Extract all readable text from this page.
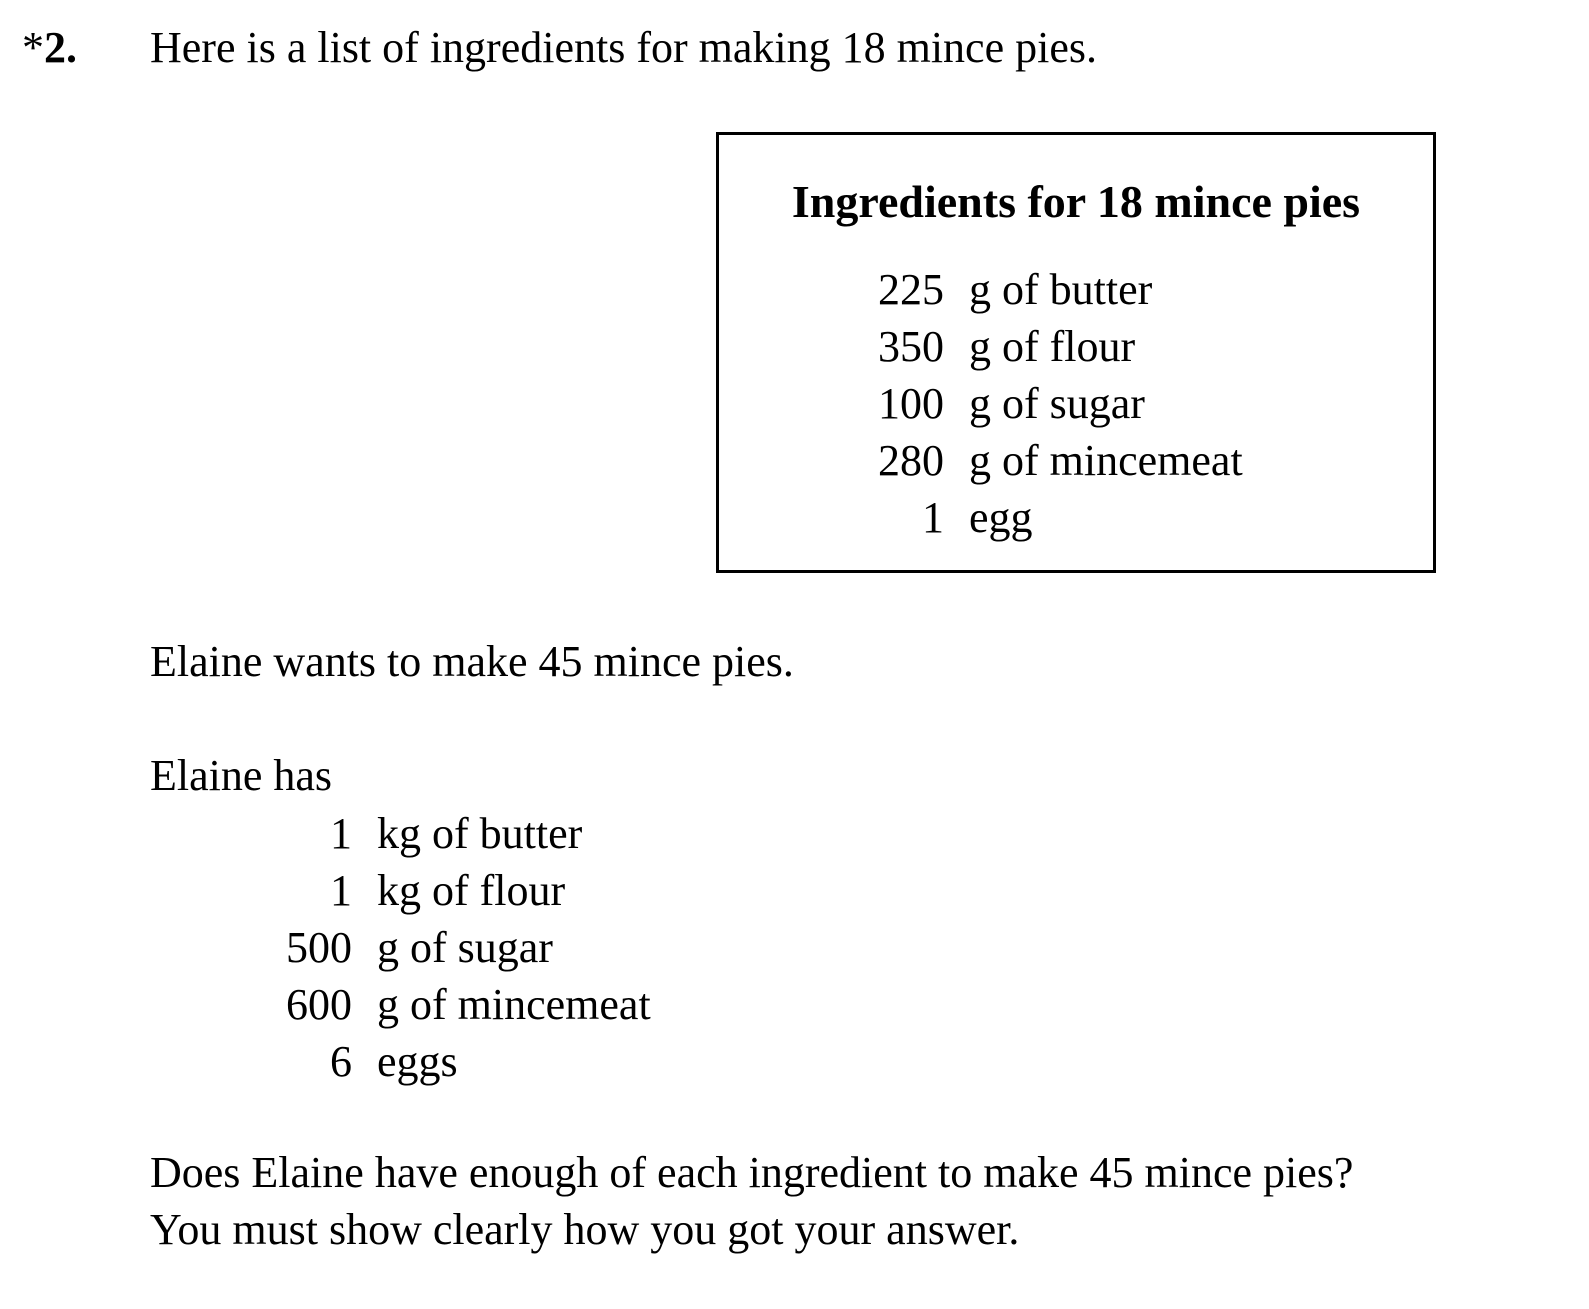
*2. Here is a list of ingredients for making 18 mince pies.
Ingredients for 18 mince pies
225 g of butter
350 g of flour
100 g of sugar
280 g of mincemeat
1 egg
Elaine wants to make 45 mince pies.
Elaine has
1 kg of butter
1 kg of flour
500 g of sugar
600 g of mincemeat
6 eggs
Does Elaine have enough of each ingredient to make 45 mince pies?
You must show clearly how you got your answer.
